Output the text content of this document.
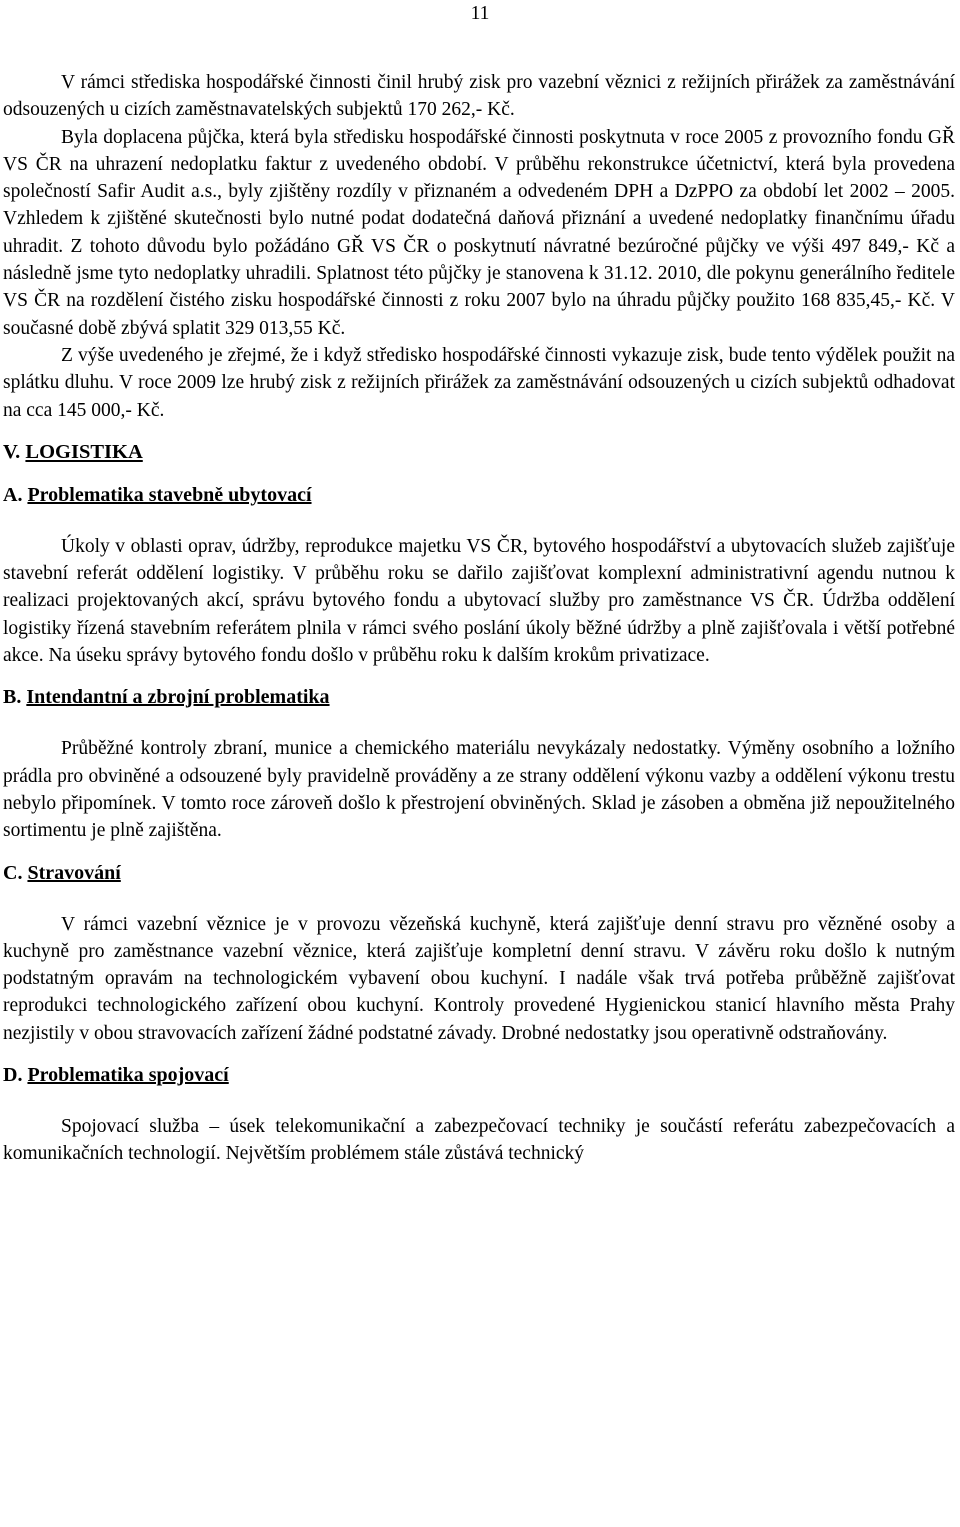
11

V rámci střediska hospodářské činnosti činil hrubý zisk pro vazební věznici z režijních přirážek za zaměstnávání odsouzených u cizích zaměstnavatelských subjektů 170 262,- Kč.

Byla doplacena půjčka, která byla středisku hospodářské činnosti poskytnuta v roce 2005 z provozního fondu GŘ VS ČR na uhrazení nedoplatku faktur z uvedeného období. V průběhu rekonstrukce účetnictví, která byla provedena společností Safir Audit a.s., byly zjištěny rozdíly v přiznaném a odvedeném DPH a DzPPO za období let 2002 – 2005. Vzhledem k zjištěné skutečnosti bylo nutné podat dodatečná daňová přiznání a uvedené nedoplatky finančnímu úřadu uhradit. Z tohoto důvodu bylo požádáno GŘ VS ČR o poskytnutí návratné bezúročné půjčky ve výši 497 849,- Kč a následně jsme tyto nedoplatky uhradili. Splatnost této půjčky je stanovena k 31.12. 2010, dle pokynu generálního ředitele VS ČR na rozdělení čistého zisku hospodářské činnosti z roku 2007 bylo na úhradu půjčky použito 168 835,45,- Kč. V současné době zbývá splatit 329 013,55 Kč.

Z výše uvedeného je zřejmé, že i když středisko hospodářské činnosti vykazuje zisk, bude tento výdělek použit na splátku dluhu. V roce 2009 lze hrubý zisk z režijních přirážek za zaměstnávání odsouzených u cizích subjektů odhadovat na cca 145 000,- Kč.

V. LOGISTIKA
A. Problematika stavebně ubytovací

Úkoly v oblasti oprav, údržby, reprodukce majetku VS ČR, bytového hospodářství a ubytovacích služeb zajišťuje stavební referát oddělení logistiky. V průběhu roku se dařilo zajišťovat komplexní administrativní agendu nutnou k realizaci projektovaných akcí, správu bytového fondu a ubytovací služby pro zaměstnance VS ČR. Údržba oddělení logistiky řízená stavebním referátem plnila v rámci svého poslání úkoly běžné údržby a plně zajišťovala i větší potřebné akce. Na úseku správy bytového fondu došlo v průběhu roku k dalším krokům privatizace.

B. Intendantní a zbrojní problematika

Průběžné kontroly zbraní, munice a chemického materiálu nevykázaly nedostatky. Výměny osobního a ložního prádla pro obviněné a odsouzené byly pravidelně prováděny a ze strany oddělení výkonu vazby a oddělení výkonu trestu nebylo připomínek. V tomto roce zároveň došlo k přestrojení obviněných. Sklad je zásoben a obměna již nepoužitelného sortimentu je plně zajištěna.

C. Stravování

V rámci vazební věznice je v provozu vězeňská kuchyně, která zajišťuje denní stravu pro vězněné osoby a kuchyně pro zaměstnance vazební věznice, která zajišťuje kompletní denní stravu. V závěru roku došlo k nutným podstatným opravám na technologickém vybavení obou kuchyní. I nadále však trvá potřeba průběžně zajišťovat reprodukci technologického zařízení obou kuchyní. Kontroly provedené Hygienickou stanicí hlavního města Prahy nezjistily v obou stravovacích zařízení žádné podstatné závady. Drobné nedostatky jsou operativně odstraňovány.

D. Problematika spojovací

Spojovací služba – úsek telekomunikační a zabezpečovací techniky je součástí referátu zabezpečovacích a komunikačních technologií. Největším problémem stále zůstává technický
